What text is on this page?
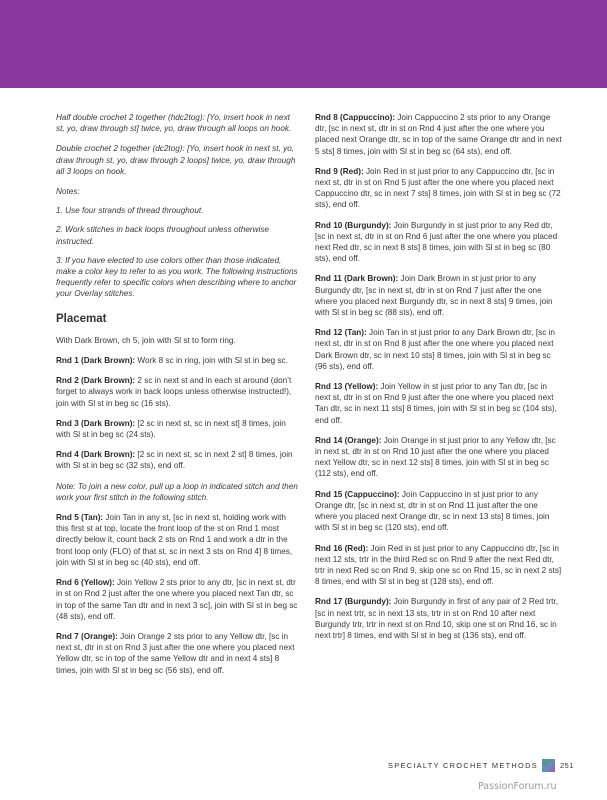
Half double crochet 2 together (hdc2tog): [Yo, insert hook in next st, yo, draw through st] twice, yo, draw through all loops on hook.

Double crochet 2 together (dc2tog): [Yo, insert hook in next st, yo, draw through st, yo, draw through 2 loops] twice, yo, draw through all 3 loops on hook.

Notes:

1. Use four strands of thread throughout.

2. Work stitches in back loops throughout unless otherwise instructed.

3. If you have elected to use colors other than those indicated, make a color key to refer to as you work. The following instructions frequently refer to specific colors when describing where to anchor your Overlay stitches.

Placemat

With Dark Brown, ch 5, join with Sl st to form ring.

Rnd 1 (Dark Brown): Work 8 sc in ring, join with Sl st in beg sc.

Rnd 2 (Dark Brown): 2 sc in next st and in each st around (don’t forget to always work in back loops unless otherwise instructed!), join with Sl st in beg sc (16 sts).

Rnd 3 (Dark Brown): [2 sc in next st, sc in next st] 8 times, join with Sl st in beg sc (24 sts).

Rnd 4 (Dark Brown): [2 sc in next st, sc in next 2 st] 8 times, join with Sl st in beg sc (32 sts), end off.

Note: To join a new color, pull up a loop in indicated stitch and then work your first stitch in the following stitch.

Rnd 5 (Tan): Join Tan in any st, [sc in next st, holding work with this first st at top, locate the front loop of the st on Rnd 1 most directly below it, count back 2 sts on Rnd 1 and work a dtr in the front loop only (FLO) of that st, sc in next 3 sts on Rnd 4] 8 times, join with Sl st in beg sc (40 sts), end off.

Rnd 6 (Yellow): Join Yellow 2 sts prior to any dtr, [sc in next st, dtr in st on Rnd 2 just after the one where you placed next Tan dtr, sc in top of the same Tan dtr and in next 3 sc], join with Sl st in beg sc (48 sts), end off.

Rnd 7 (Orange): Join Orange 2 sts prior to any Yellow dtr, [sc in next st, dtr in st on Rnd 3 just after the one where you placed next Yellow dtr, sc in top of the same Yellow dtr and in next 4 sts] 8 times, join with Sl st in beg sc (56 sts), end off.

Rnd 8 (Cappuccino): Join Cappuccino 2 sts prior to any Orange dtr, [sc in next st, dtr in st on Rnd 4 just after the one where you placed next Orange dtr, sc in top of the same Orange dtr and in next 5 sts] 8 times, join with Sl st in beg sc (64 sts), end off.

Rnd 9 (Red): Join Red in st just prior to any Cappuccino dtr, [sc in next st, dtr in st on Rnd 5 just after the one where you placed next Cappuccino dtr, sc in next 7 sts] 8 times, join with Sl st in beg sc (72 sts), end off.

Rnd 10 (Burgundy): Join Burgundy in st just prior to any Red dtr, [sc in next st, dtr in st on Rnd 6 just after the one where you placed next Red dtr, sc in next 8 sts] 8 times, join with Sl st in beg sc (80 sts), end off.

Rnd 11 (Dark Brown): Join Dark Brown in st just prior to any Burgundy dtr, [sc in next st, dtr in st on Rnd 7 just after the one where you placed next Burgundy dtr, sc in next 8 sts] 9 times, join with Sl st in beg sc (88 sts), end off.

Rnd 12 (Tan): Join Tan in st just prior to any Dark Brown dtr, [sc in next st, dtr in st on Rnd 8 just after the one where you placed next Dark Brown dtr, sc in next 10 sts] 8 times, join with Sl st in beg sc (96 sts), end off.

Rnd 13 (Yellow): Join Yellow in st just prior to any Tan dtr, [sc in next st, dtr in st on Rnd 9 just after the one where you placed next Tan dtr, sc in next 11 sts] 8 times, join with Sl st in beg sc (104 sts), end off.

Rnd 14 (Orange): Join Orange in st just prior to any Yellow dtr, [sc in next st, dtr in st on Rnd 10 just after the one where you placed next Yellow dtr, sc in next 12 sts] 8 times, join with Sl st in beg sc (112 sts), end off.

Rnd 15 (Cappuccino): Join Cappuccino in st just prior to any Orange dtr, [sc in next st, dtr in st on Rnd 11 just after the one where you placed next Orange dtr, sc in next 13 sts] 8 times, join with Sl st in beg sc (120 sts), end off.

Rnd 16 (Red): Join Red in st just prior to any Cappuccino dtr, [sc in next 12 sts, trtr in the third Red sc on Rnd 9 after the next Red dtr, trtr in next Red sc on Rnd 9, skip one sc on Rnd 15, sc in next 2 sts] 8 times, end with Sl st in beg st (128 sts), end off.

Rnd 17 (Burgundy): Join Burgundy in first of any pair of 2 Red trtr, [sc in next trtr, sc in next 13 sts, trtr in st on Rnd 10 after next Burgundy trtr, trtr in next st on Rnd 10, skip one st on Rnd 16, sc in next trtr] 8 times, end with Sl st in beg st (136 sts), end off.

SPECIALTY CROCHET METHODS	251
PassionForum.ru
